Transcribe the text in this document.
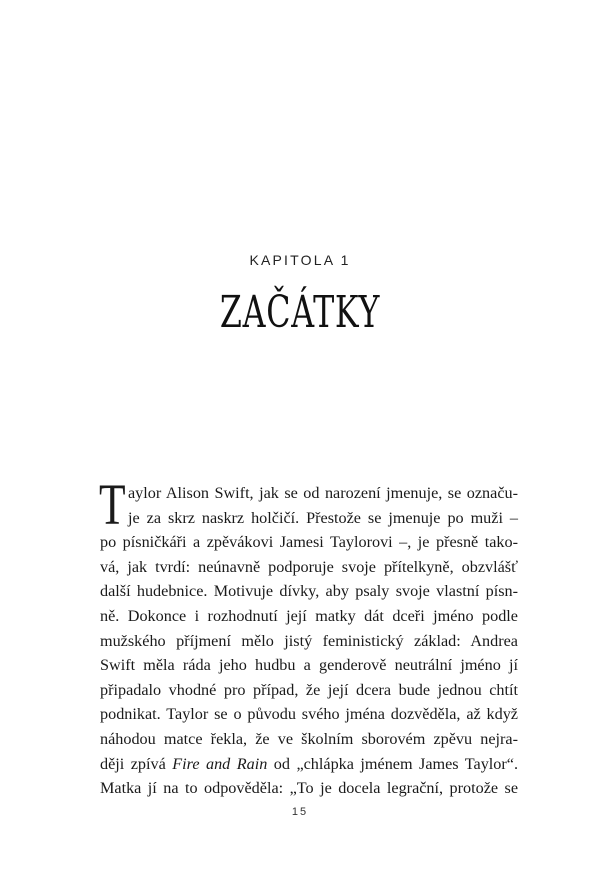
KAPITOLA 1
ZAČÁTKY
T aylor Alison Swift, jak se od narození jmenuje, se označu-
je za skrz naskrz holčičí. Přestože se jmenuje po muži –
po písničkáři a zpěvákovi Jamesi Taylorovi –, je přesně tako-
vá, jak tvrdí: neúnavně podporuje svoje přítelkyně, obzvlášť
další hudebnice. Motivuje dívky, aby psaly svoje vlastní písn-
ně. Dokonce i rozhodnutí její matky dát dceři jméno podle
mužského příjmení mělo jistý feministický základ: Andrea
Swift měla ráda jeho hudbu a genderově neutrální jméno jí
připadalo vhodné pro případ, že její dcera bude jednou chtít
podnikat. Taylor se o původu svého jména dozvěděla, až když
náhodou matce řekla, že ve školním sborovém zpěvu nejra-
ději zpívá Fire and Rain od „chlápka jménem James Taylor“.
Matka jí na to odpověděla: „To je docela legrační, protože se
15
